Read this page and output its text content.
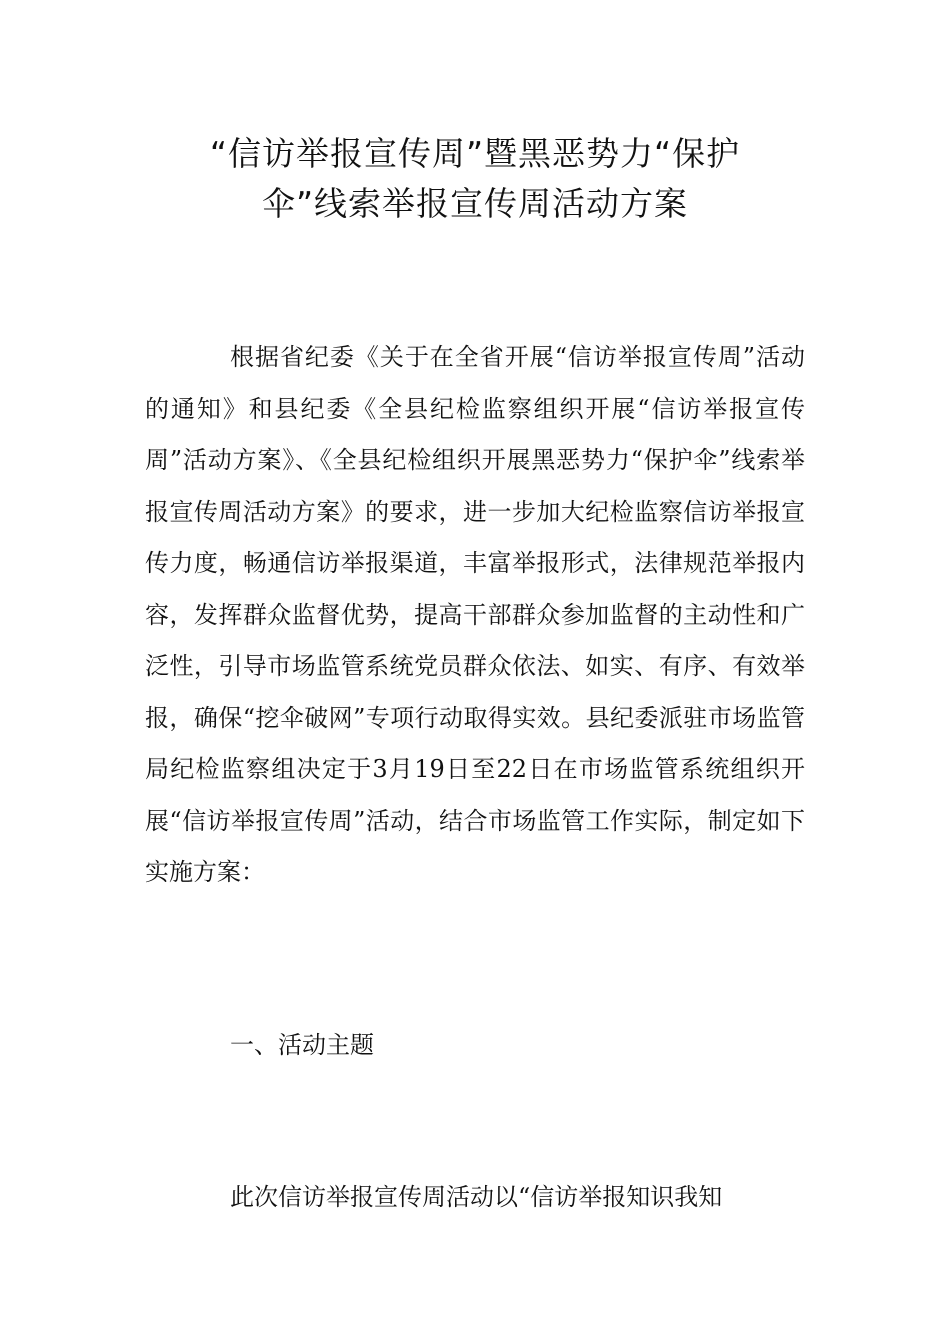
“信访举报宣传周”暨黑恶势力“保护
伞”线索举报宣传周活动方案

根据省纪委《关于在全省开展“信访举报宣传周”活动的通知》和县纪委《全县纪检监察组织开展“信访举报宣传周”活动方案》、《全县纪检组织开展黑恶势力“保护伞”线索举报宣传周活动方案》的要求，进一步加大纪检监察信访举报宣传力度，畅通信访举报渠道，丰富举报形式，法律规范举报内容，发挥群众监督优势，提高干部群众参加监督的主动性和广泛性，引导市场监管系统党员群众依法、如实、有序、有效举报，确保“挖伞破网”专项行动取得实效。县纪委派驻市场监管局纪检监察组决定于3月19日至22日在市场监管系统组织开展“信访举报宣传周”活动，结合市场监管工作实际，制定如下实施方案：

一、活动主题

此次信访举报宣传周活动以“信访举报知识我知
